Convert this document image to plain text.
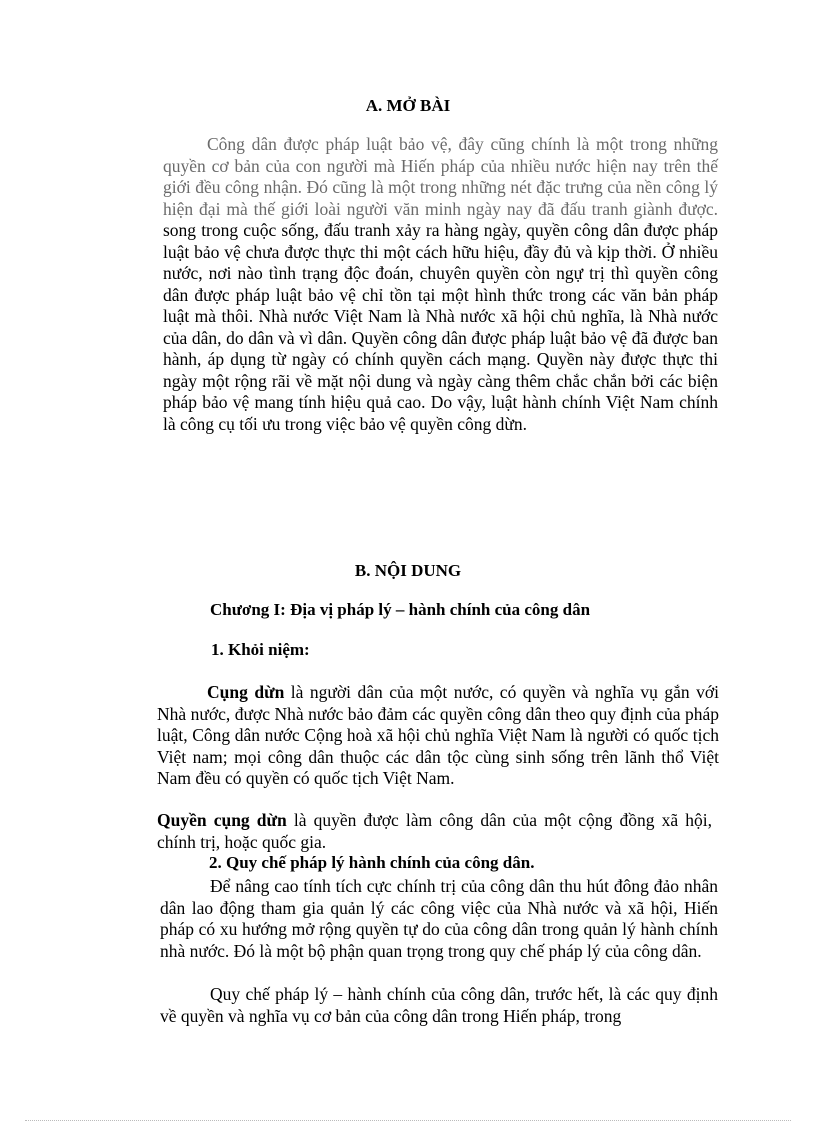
A. MỞ BÀI

Công dân được pháp luật bảo vệ, đây cũng chính là một trong những quyền cơ bản của con người mà Hiến pháp của nhiều nước hiện nay trên thế giới đều công nhận. Đó cũng là một trong những nét đặc trưng của nền công lý hiện đại mà thế giới loài người văn minh ngày nay đã đấu tranh giành được. song trong cuộc sống, đấu tranh xảy ra hàng ngày, quyền công dân được pháp luật bảo vệ chưa được thực thi một cách hữu hiệu, đầy đủ và kịp thời. Ở nhiều nước, nơi nào tình trạng độc đoán, chuyên quyền còn ngự trị thì quyền công dân được pháp luật bảo vệ chỉ tồn tại một hình thức trong các văn bản pháp luật mà thôi. Nhà nước Việt Nam là Nhà nước xã hội chủ nghĩa, là Nhà nước của dân, do dân và vì dân. Quyền công dân được pháp luật bảo vệ đã được ban hành, áp dụng từ ngày có chính quyền cách mạng. Quyền này được thực thi ngày một rộng rãi về mặt nội dung và ngày càng thêm chắc chắn bởi các biện pháp bảo vệ mang tính hiệu quả cao. Do vậy, luật hành chính Việt Nam chính là công cụ tối ưu trong việc bảo vệ quyền công dừn.

B. NỘI DUNG
Chương I: Địa vị pháp lý – hành chính của công dân
1. Khỏi niệm:

Cụng dừn là người dân của một nước, có quyền và nghĩa vụ gắn với Nhà nước, được Nhà nước bảo đảm các quyền công dân theo quy định của pháp luật, Công dân nước Cộng hoà xã hội chủ nghĩa Việt Nam là người có quốc tịch Việt nam; mọi công dân thuộc các dân tộc cùng sinh sống trên lãnh thổ Việt Nam đều có quyền có quốc tịch Việt Nam.

Quyền cụng dừn là quyền được làm công dân của một cộng đồng xã hội, chính trị, hoặc quốc gia.

2. Quy chế pháp lý hành chính của công dân.

Để nâng cao tính tích cực chính trị của công dân thu hút đông đảo nhân dân lao động tham gia quản lý các công việc của Nhà nước và xã hội, Hiến pháp có xu hướng mở rộng quyền tự do của công dân trong quản lý hành chính nhà nước. Đó là một bộ phận quan trọng trong quy chế pháp lý của công dân.

Quy chế pháp lý – hành chính của công dân, trước hết, là các quy định về quyền và nghĩa vụ cơ bản của công dân trong Hiến pháp, trong
